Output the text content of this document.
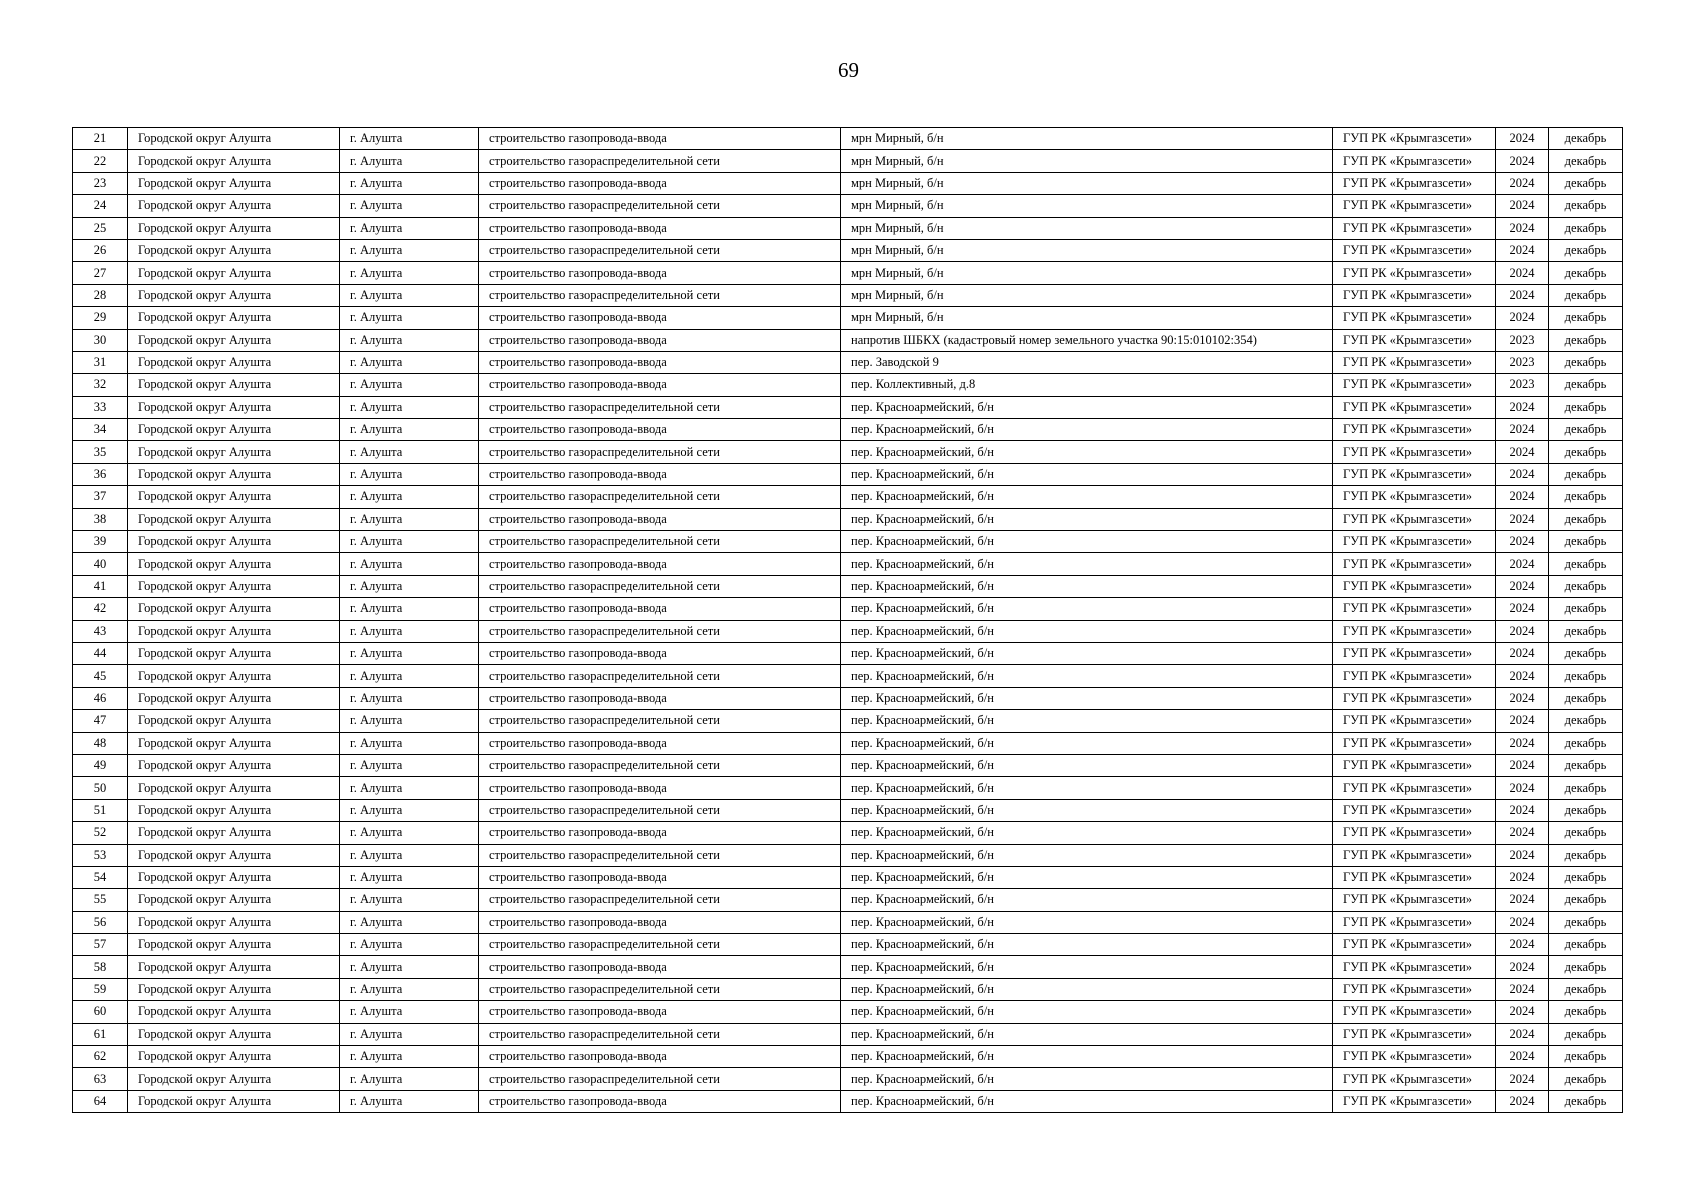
69
21	Городской округ Алушта	г. Алушта	строительство газопровода-ввода	мрн Мирный, б/н	ГУП РК «Крымгазсети»	2024	декабрь
22	Городской округ Алушта	г. Алушта	строительство газораспределительной сети	мрн Мирный, б/н	ГУП РК «Крымгазсети»	2024	декабрь
23	Городской округ Алушта	г. Алушта	строительство газопровода-ввода	мрн Мирный, б/н	ГУП РК «Крымгазсети»	2024	декабрь
24	Городской округ Алушта	г. Алушта	строительство газораспределительной сети	мрн Мирный, б/н	ГУП РК «Крымгазсети»	2024	декабрь
25	Городской округ Алушта	г. Алушта	строительство газопровода-ввода	мрн Мирный, б/н	ГУП РК «Крымгазсети»	2024	декабрь
26	Городской округ Алушта	г. Алушта	строительство газораспределительной сети	мрн Мирный, б/н	ГУП РК «Крымгазсети»	2024	декабрь
27	Городской округ Алушта	г. Алушта	строительство газопровода-ввода	мрн Мирный, б/н	ГУП РК «Крымгазсети»	2024	декабрь
28	Городской округ Алушта	г. Алушта	строительство газораспределительной сети	мрн Мирный, б/н	ГУП РК «Крымгазсети»	2024	декабрь
29	Городской округ Алушта	г. Алушта	строительство газопровода-ввода	мрн Мирный, б/н	ГУП РК «Крымгазсети»	2024	декабрь
30	Городской округ Алушта	г. Алушта	строительство газопровода-ввода	напротив ШБКХ (кадастровый номер земельного участка 90:15:010102:354)	ГУП РК «Крымгазсети»	2023	декабрь
31	Городской округ Алушта	г. Алушта	строительство газопровода-ввода	пер. Заводской 9	ГУП РК «Крымгазсети»	2023	декабрь
32	Городской округ Алушта	г. Алушта	строительство газопровода-ввода	пер. Коллективный, д.8	ГУП РК «Крымгазсети»	2023	декабрь
33	Городской округ Алушта	г. Алушта	строительство газораспределительной сети	пер. Красноармейский, б/н	ГУП РК «Крымгазсети»	2024	декабрь
34	Городской округ Алушта	г. Алушта	строительство газопровода-ввода	пер. Красноармейский, б/н	ГУП РК «Крымгазсети»	2024	декабрь
35	Городской округ Алушта	г. Алушта	строительство газораспределительной сети	пер. Красноармейский, б/н	ГУП РК «Крымгазсети»	2024	декабрь
36	Городской округ Алушта	г. Алушта	строительство газопровода-ввода	пер. Красноармейский, б/н	ГУП РК «Крымгазсети»	2024	декабрь
37	Городской округ Алушта	г. Алушта	строительство газораспределительной сети	пер. Красноармейский, б/н	ГУП РК «Крымгазсети»	2024	декабрь
38	Городской округ Алушта	г. Алушта	строительство газопровода-ввода	пер. Красноармейский, б/н	ГУП РК «Крымгазсети»	2024	декабрь
39	Городской округ Алушта	г. Алушта	строительство газораспределительной сети	пер. Красноармейский, б/н	ГУП РК «Крымгазсети»	2024	декабрь
40	Городской округ Алушта	г. Алушта	строительство газопровода-ввода	пер. Красноармейский, б/н	ГУП РК «Крымгазсети»	2024	декабрь
41	Городской округ Алушта	г. Алушта	строительство газораспределительной сети	пер. Красноармейский, б/н	ГУП РК «Крымгазсети»	2024	декабрь
42	Городской округ Алушта	г. Алушта	строительство газопровода-ввода	пер. Красноармейский, б/н	ГУП РК «Крымгазсети»	2024	декабрь
43	Городской округ Алушта	г. Алушта	строительство газораспределительной сети	пер. Красноармейский, б/н	ГУП РК «Крымгазсети»	2024	декабрь
44	Городской округ Алушта	г. Алушта	строительство газопровода-ввода	пер. Красноармейский, б/н	ГУП РК «Крымгазсети»	2024	декабрь
45	Городской округ Алушта	г. Алушта	строительство газораспределительной сети	пер. Красноармейский, б/н	ГУП РК «Крымгазсети»	2024	декабрь
46	Городской округ Алушта	г. Алушта	строительство газопровода-ввода	пер. Красноармейский, б/н	ГУП РК «Крымгазсети»	2024	декабрь
47	Городской округ Алушта	г. Алушта	строительство газораспределительной сети	пер. Красноармейский, б/н	ГУП РК «Крымгазсети»	2024	декабрь
48	Городской округ Алушта	г. Алушта	строительство газопровода-ввода	пер. Красноармейский, б/н	ГУП РК «Крымгазсети»	2024	декабрь
49	Городской округ Алушта	г. Алушта	строительство газораспределительной сети	пер. Красноармейский, б/н	ГУП РК «Крымгазсети»	2024	декабрь
50	Городской округ Алушта	г. Алушта	строительство газопровода-ввода	пер. Красноармейский, б/н	ГУП РК «Крымгазсети»	2024	декабрь
51	Городской округ Алушта	г. Алушта	строительство газораспределительной сети	пер. Красноармейский, б/н	ГУП РК «Крымгазсети»	2024	декабрь
52	Городской округ Алушта	г. Алушта	строительство газопровода-ввода	пер. Красноармейский, б/н	ГУП РК «Крымгазсети»	2024	декабрь
53	Городской округ Алушта	г. Алушта	строительство газораспределительной сети	пер. Красноармейский, б/н	ГУП РК «Крымгазсети»	2024	декабрь
54	Городской округ Алушта	г. Алушта	строительство газопровода-ввода	пер. Красноармейский, б/н	ГУП РК «Крымгазсети»	2024	декабрь
55	Городской округ Алушта	г. Алушта	строительство газораспределительной сети	пер. Красноармейский, б/н	ГУП РК «Крымгазсети»	2024	декабрь
56	Городской округ Алушта	г. Алушта	строительство газопровода-ввода	пер. Красноармейский, б/н	ГУП РК «Крымгазсети»	2024	декабрь
57	Городской округ Алушта	г. Алушта	строительство газораспределительной сети	пер. Красноармейский, б/н	ГУП РК «Крымгазсети»	2024	декабрь
58	Городской округ Алушта	г. Алушта	строительство газопровода-ввода	пер. Красноармейский, б/н	ГУП РК «Крымгазсети»	2024	декабрь
59	Городской округ Алушта	г. Алушта	строительство газораспределительной сети	пер. Красноармейский, б/н	ГУП РК «Крымгазсети»	2024	декабрь
60	Городской округ Алушта	г. Алушта	строительство газопровода-ввода	пер. Красноармейский, б/н	ГУП РК «Крымгазсети»	2024	декабрь
61	Городской округ Алушта	г. Алушта	строительство газораспределительной сети	пер. Красноармейский, б/н	ГУП РК «Крымгазсети»	2024	декабрь
62	Городской округ Алушта	г. Алушта	строительство газопровода-ввода	пер. Красноармейский, б/н	ГУП РК «Крымгазсети»	2024	декабрь
63	Городской округ Алушта	г. Алушта	строительство газораспределительной сети	пер. Красноармейский, б/н	ГУП РК «Крымгазсети»	2024	декабрь
64	Городской округ Алушта	г. Алушта	строительство газопровода-ввода	пер. Красноармейский, б/н	ГУП РК «Крымгазсети»	2024	декабрь
